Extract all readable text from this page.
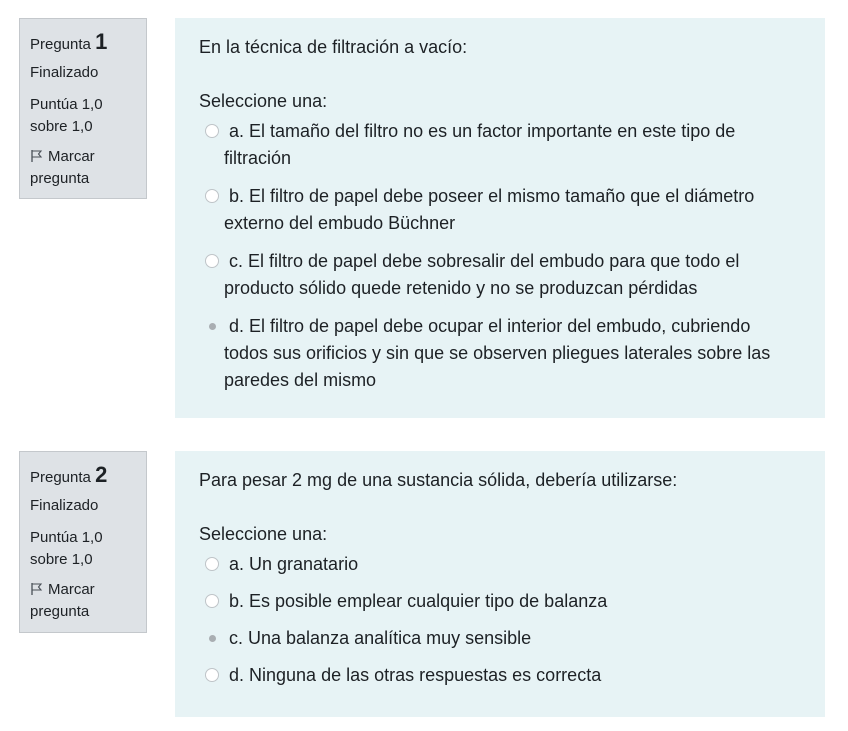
Pregunta 1
Finalizado
Puntúa 1,0
sobre 1,0
Marcar
pregunta
En la técnica de filtración a vacío:
Seleccione una:
a. El tamaño del filtro no es un factor importante en este tipo de
filtración
b. El filtro de papel debe poseer el mismo tamaño que el diámetro
externo del embudo Büchner
c. El filtro de papel debe sobresalir del embudo para que todo el
producto sólido quede retenido y no se produzcan pérdidas
d. El filtro de papel debe ocupar el interior del embudo, cubriendo
todos sus orificios y sin que se observen pliegues laterales sobre las
paredes del mismo
Pregunta 2
Finalizado
Puntúa 1,0
sobre 1,0
Marcar
pregunta
Para pesar 2 mg de una sustancia sólida, debería utilizarse:
Seleccione una:
a. Un granatario
b. Es posible emplear cualquier tipo de balanza
c. Una balanza analítica muy sensible
d. Ninguna de las otras respuestas es correcta
